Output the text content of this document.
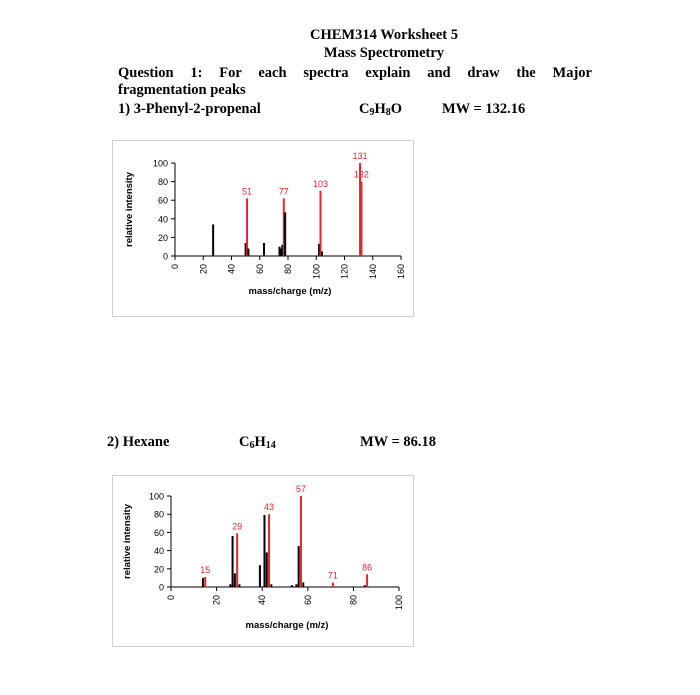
CHEM314 Worksheet 5
Mass Spectrometry
Question 1: For each spectra explain and draw the Major
fragmentation peaks
1) 3-Phenyl-2-propenal	$C_9H_8O$	MW = 132.16
0
20
40
60
80
100
0 20 40 60 80 100 120 140 160
mass/charge (m/z)
relative intensity	51	77
103
131
132
2) Hexane	$C_6H_{14}$	MW = 86.18
0
20
40
60
80
100
0	20	40	60	80	100
mass/charge (m/z)
relative intensity	15
29
43
57
71
86
